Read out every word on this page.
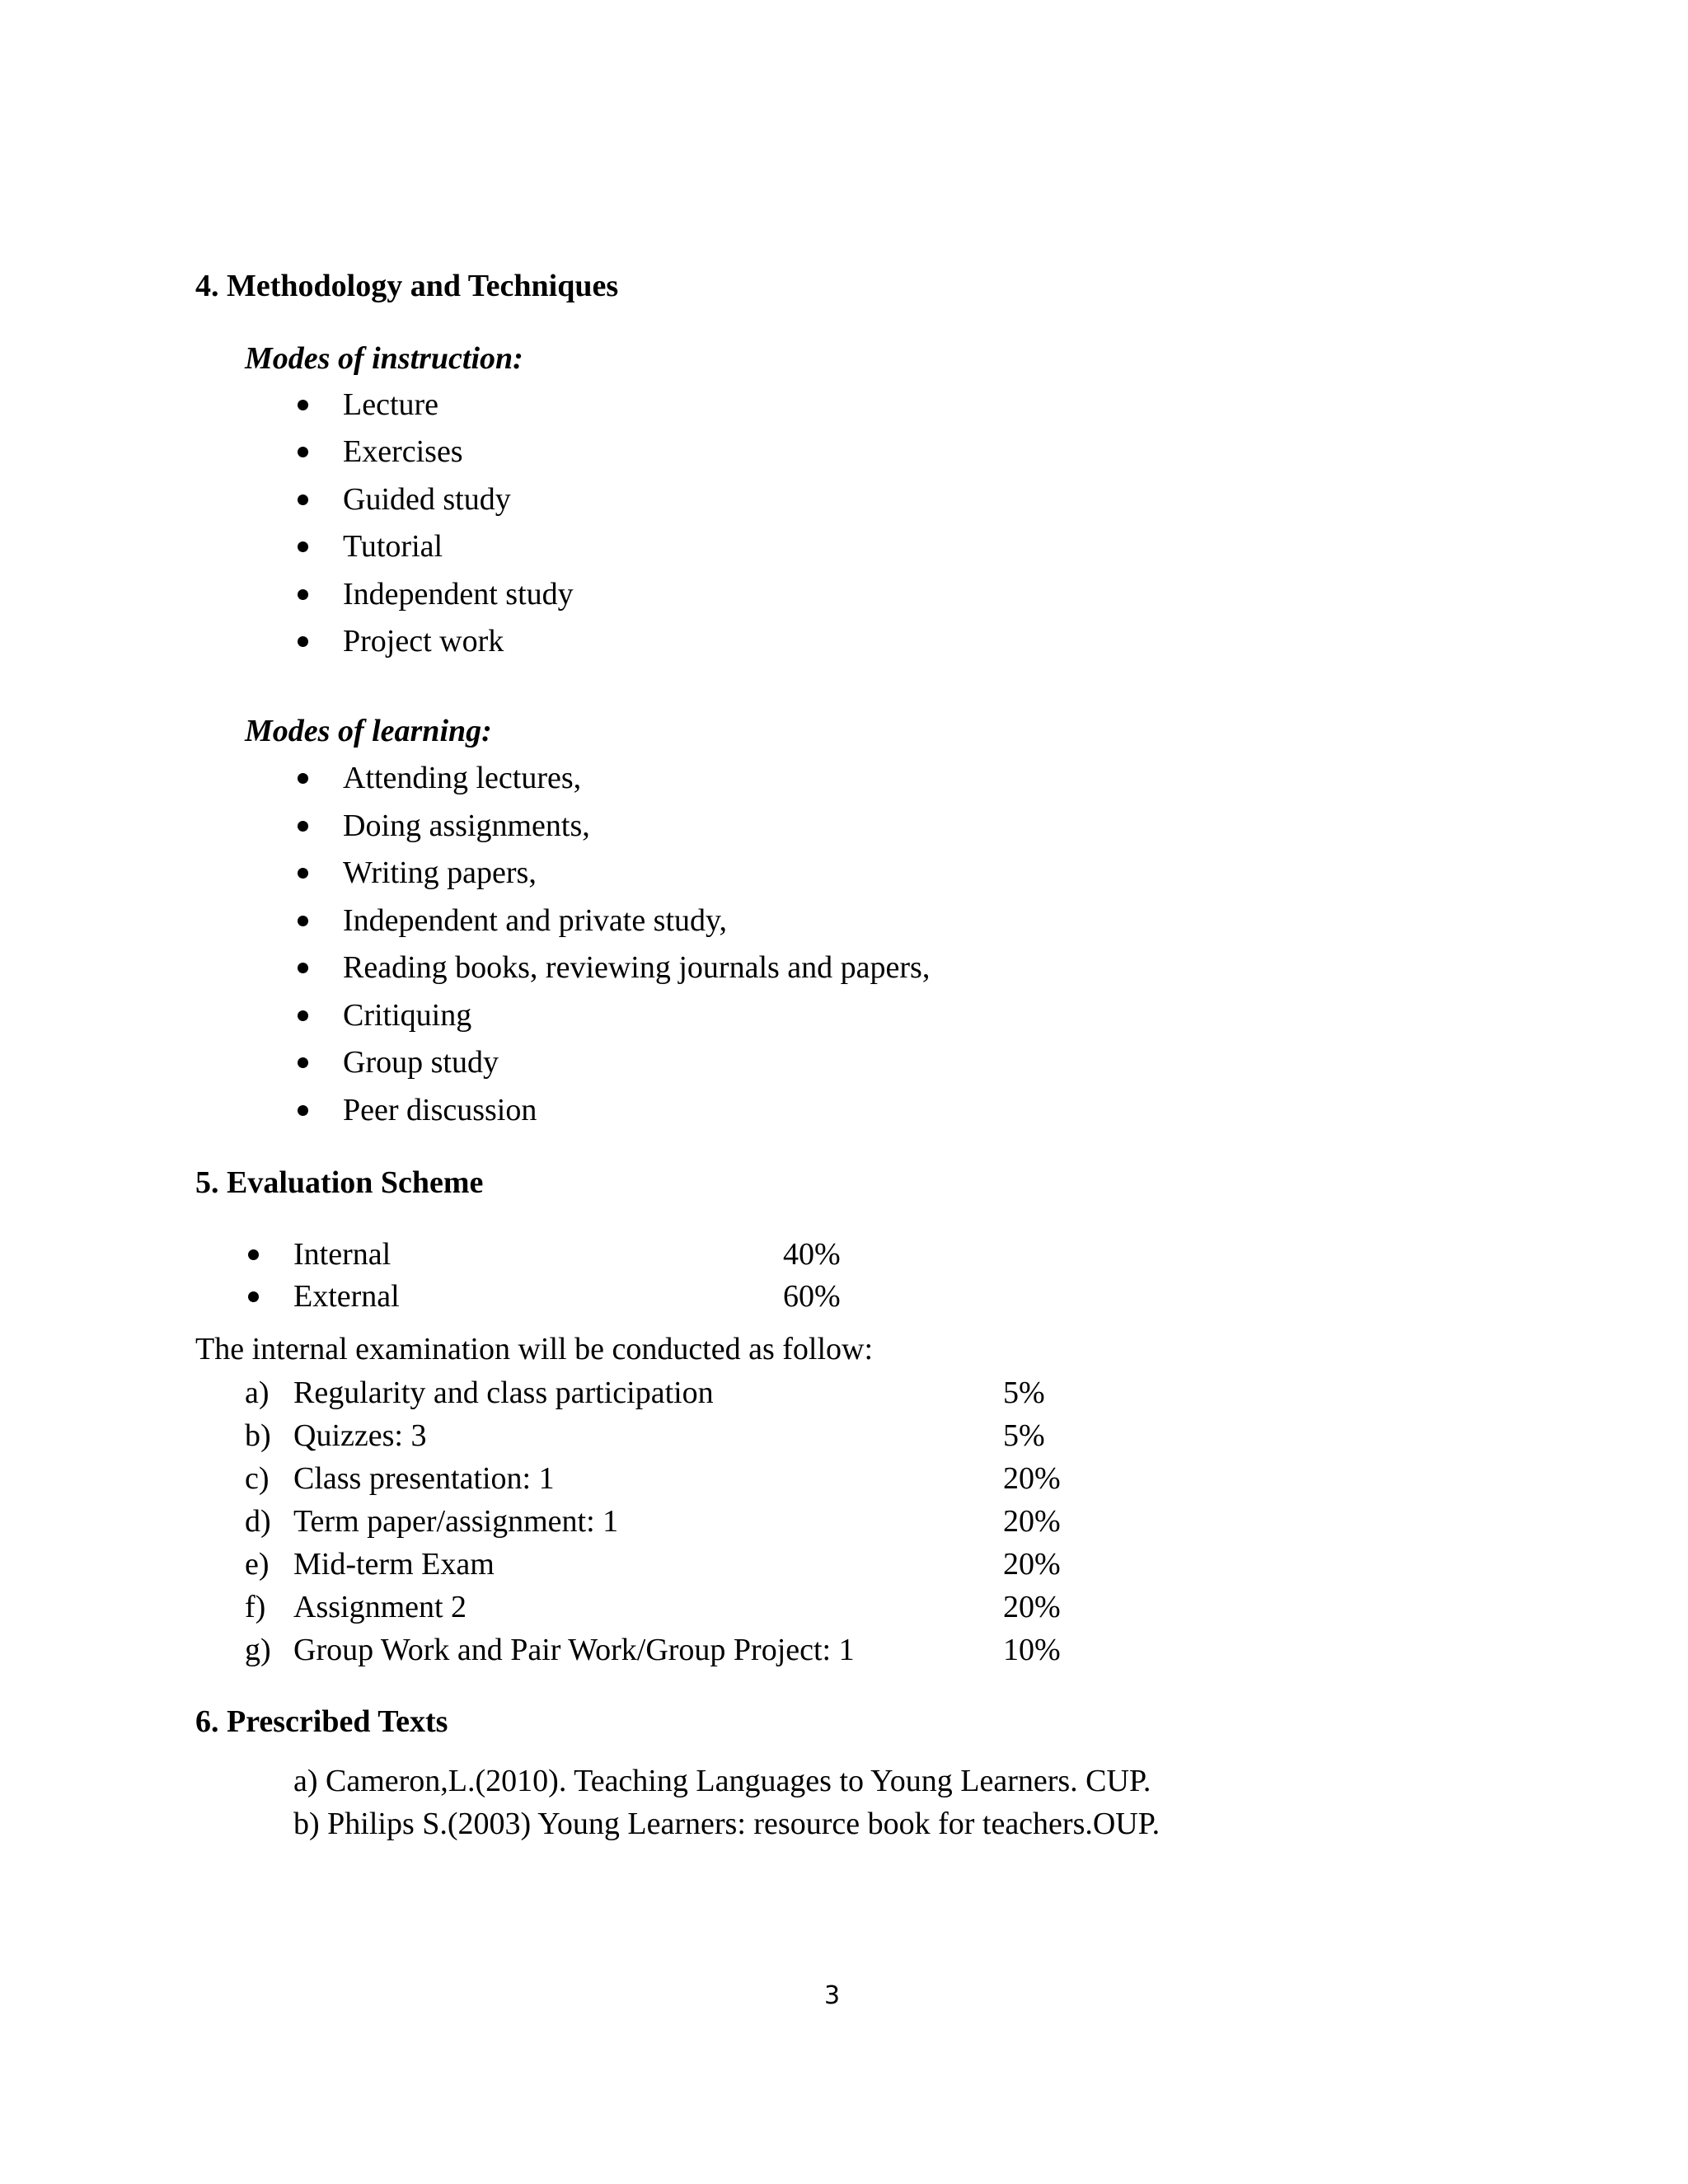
4. Methodology and Techniques
Modes of instruction:
Lecture
Exercises
Guided study
Tutorial
Independent study
Project work
Modes of learning:
Attending lectures,
Doing assignments,
Writing papers,
Independent and private study,
Reading books, reviewing journals and papers,
Critiquing
Group study
Peer discussion
5. Evaluation Scheme
Internal	40%
External	60%
The internal examination will be conducted as follow:
a) Regularity and class participation	5%
b) Quizzes: 3	5%
c) Class presentation: 1	20%
d) Term paper/assignment: 1	20%
e) Mid-term Exam	20%
f) Assignment 2	20%
g) Group Work and Pair Work/Group Project: 1	10%
6. Prescribed Texts
a) Cameron,L.(2010). Teaching Languages to Young Learners. CUP.
b) Philips S.(2003) Young Learners: resource book for teachers.OUP.
3
